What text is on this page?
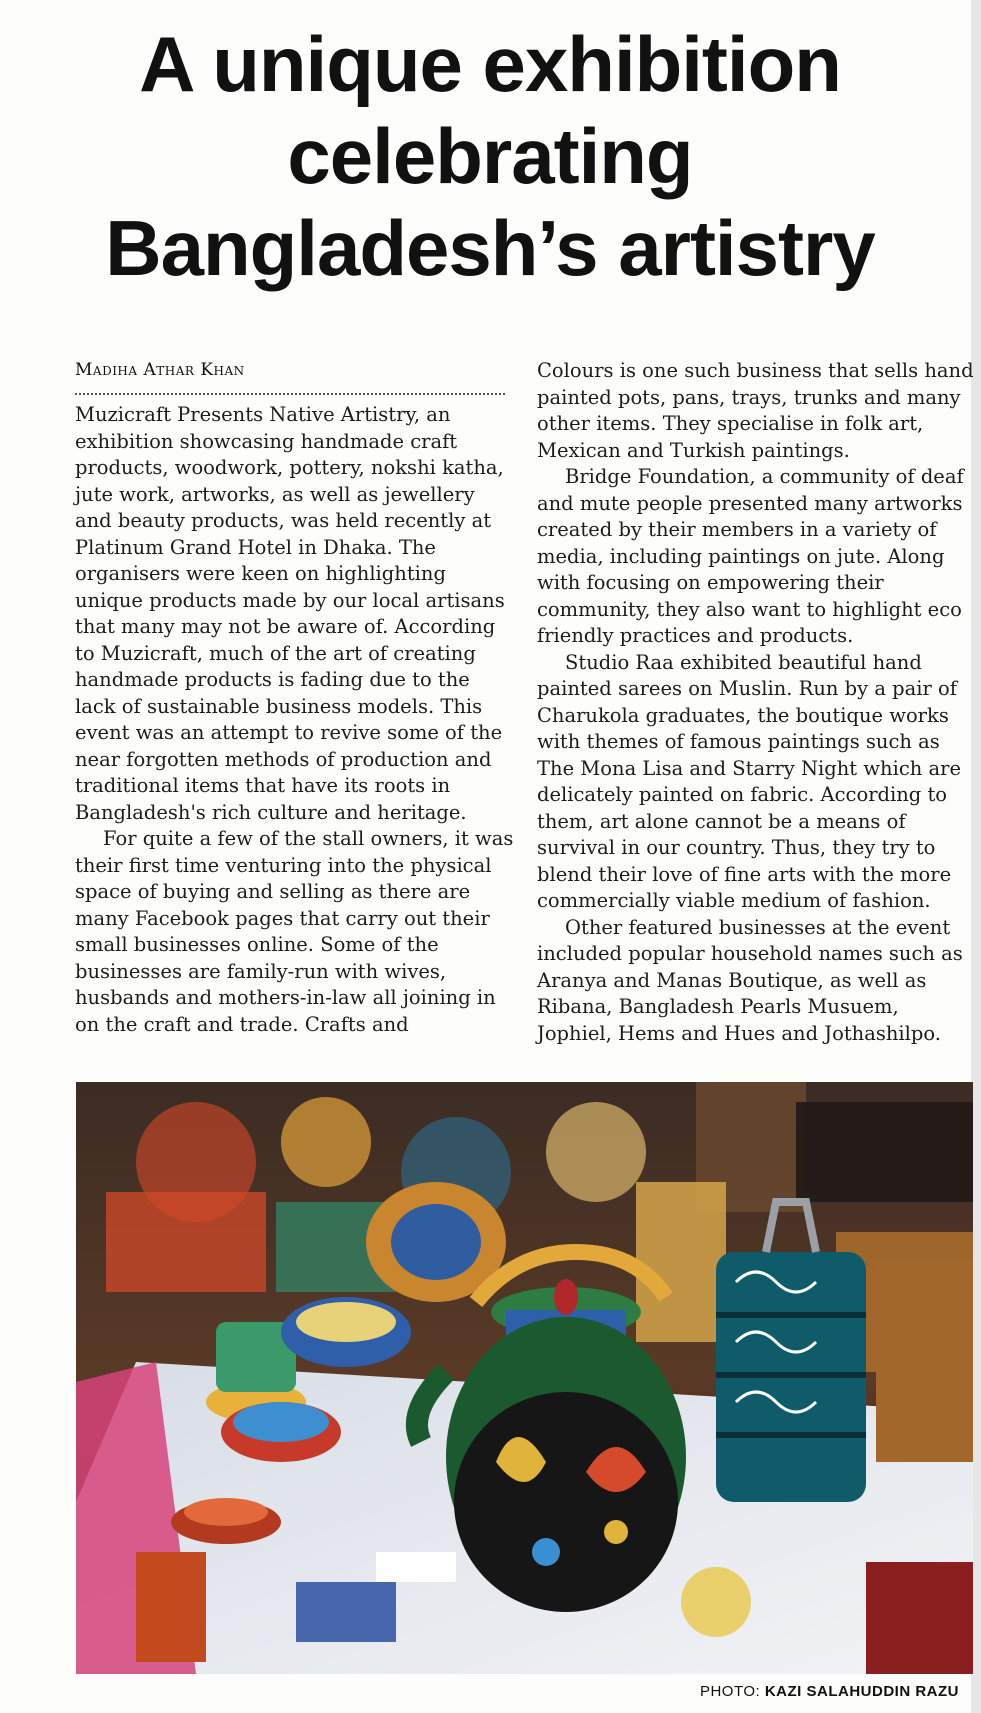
A unique exhibition
celebrating
Bangladesh’s artistry
Madiha Athar Khan

Muzicraft Presents Native Artistry, an exhibition showcasing handmade craft products, woodwork, pottery, nokshi katha, jute work, artworks, as well as jewellery and beauty products, was held recently at Platinum Grand Hotel in Dhaka. The organisers were keen on highlighting unique products made by our local artisans that many may not be aware of. According to Muzicraft, much of the art of creating handmade products is fading due to the lack of sustainable business models. This event was an attempt to revive some of the near forgotten methods of production and traditional items that have its roots in Bangladesh's rich culture and heritage.

For quite a few of the stall owners, it was their first time venturing into the physical space of buying and selling as there are many Facebook pages that carry out their small businesses online. Some of the businesses are family-run with wives, husbands and mothers-in-law all joining in on the craft and trade. Crafts and

Colours is one such business that sells hand painted pots, pans, trays, trunks and many other items. They specialise in folk art, Mexican and Turkish paintings.

Bridge Foundation, a community of deaf and mute people presented many artworks created by their members in a variety of media, including paintings on jute. Along with focusing on empowering their community, they also want to highlight eco friendly practices and products.

Studio Raa exhibited beautiful hand painted sarees on Muslin. Run by a pair of Charukola graduates, the boutique works with themes of famous paintings such as The Mona Lisa and Starry Night which are delicately painted on fabric. According to them, art alone cannot be a means of survival in our country. Thus, they try to blend their love of fine arts with the more commercially viable medium of fashion.

Other featured businesses at the event included popular household names such as Aranya and Manas Boutique, as well as Ribana, Bangladesh Pearls Musuem, Jophiel, Hems and Hues and Jothashilpo.

PHOTO: KAZI SALAHUDDIN RAZU
